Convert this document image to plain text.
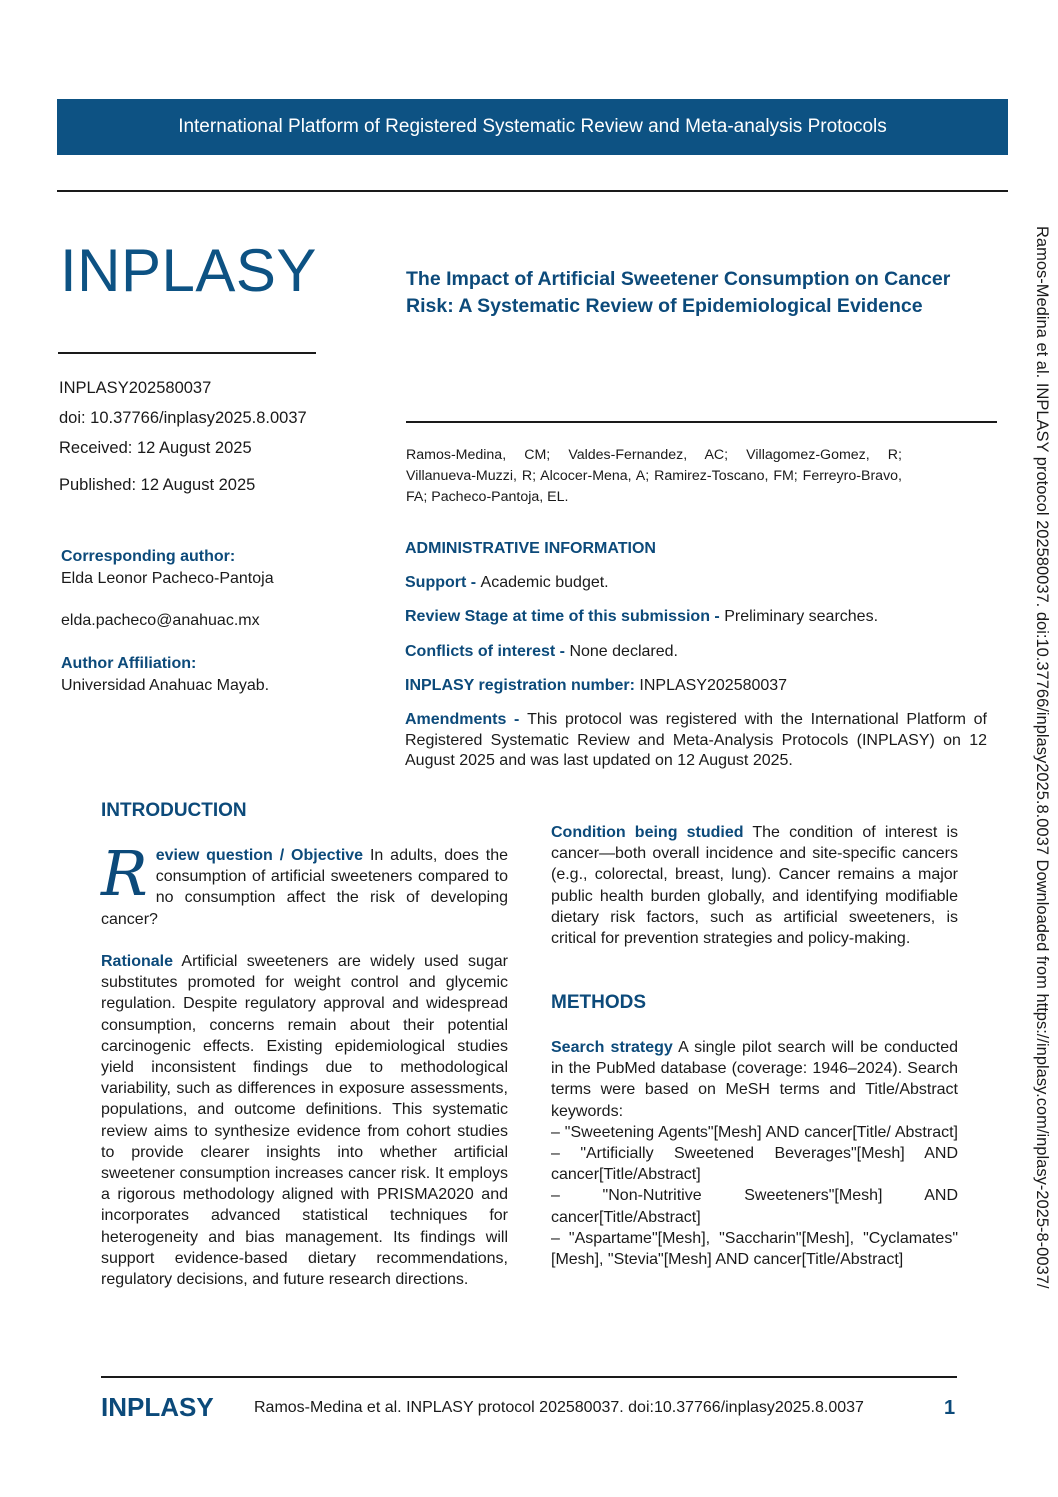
International Platform of Registered Systematic Review and Meta-analysis Protocols
INPLASY	The Impact of Artificial Sweetener Consumption on Cancer Risk: A Systematic Review of Epidemiological Evidence
INPLASY202580037
doi: 10.37766/inplasy2025.8.0037
Received: 12 August 2025
Published: 12 August 2025
Ramos-Medina, CM; Valdes-Fernandez, AC; Villagomez-Gomez, R; Villanueva-Muzzi, R; Alcocer-Mena, A; Ramirez-Toscano, FM; Ferreyro-Bravo, FA; Pacheco-Pantoja, EL.
Corresponding author:
Elda Leonor Pacheco-Pantoja
elda.pacheco@anahuac.mx
Author Affiliation:
Universidad Anahuac Mayab.
ADMINISTRATIVE INFORMATION
Support - Academic budget.
Review Stage at time of this submission - Preliminary searches.
Conflicts of interest - None declared.
INPLASY registration number: INPLASY202580037
Amendments - This protocol was registered with the International Platform of Registered Systematic Review and Meta-Analysis Protocols (INPLASY) on 12 August 2025 and was last updated on 12 August 2025.
INTRODUCTION
Review question / Objective In adults, does the consumption of artificial sweeteners compared to no consumption affect the risk of developing cancer?
Rationale Artificial sweeteners are widely used sugar substitutes promoted for weight control and glycemic regulation. Despite regulatory approval and widespread consumption, concerns remain about their potential carcinogenic effects. Existing epidemiological studies yield inconsistent findings due to methodological variability, such as differences in exposure assessments, populations, and outcome definitions. This systematic review aims to synthesize evidence from cohort studies to provide clearer insights into whether artificial sweetener consumption increases cancer risk. It employs a rigorous methodology aligned with PRISMA2020 and incorporates advanced statistical techniques for heterogeneity and bias management. Its findings will support evidence-based dietary recommendations, regulatory decisions, and future research directions.
Condition being studied The condition of interest is cancer—both overall incidence and site-specific cancers (e.g., colorectal, breast, lung). Cancer remains a major public health burden globally, and identifying modifiable dietary risk factors, such as artificial sweeteners, is critical for prevention strategies and policy-making.
METHODS
Search strategy A single pilot search will be conducted in the PubMed database (coverage: 1946–2024). Search terms were based on MeSH terms and Title/Abstract keywords:
– "Sweetening Agents"[Mesh] AND cancer[Title/ Abstract]
– "Artificially Sweetened Beverages"[Mesh] AND cancer[Title/Abstract]
– "Non-Nutritive Sweeteners"[Mesh] AND cancer[Title/Abstract]
– "Aspartame"[Mesh], "Saccharin"[Mesh], "Cyclamates"[Mesh], "Stevia"[Mesh] AND cancer[Title/Abstract]	Ramos-Medina et al. INPLASY protocol 202580037. doi:10.37766/inplasy2025.8.0037 Downloaded from https://inplasy.com/inplasy-2025-8-0037/
INPLASY	Ramos-Medina et al. INPLASY protocol 202580037. doi:10.37766/inplasy2025.8.0037	1
